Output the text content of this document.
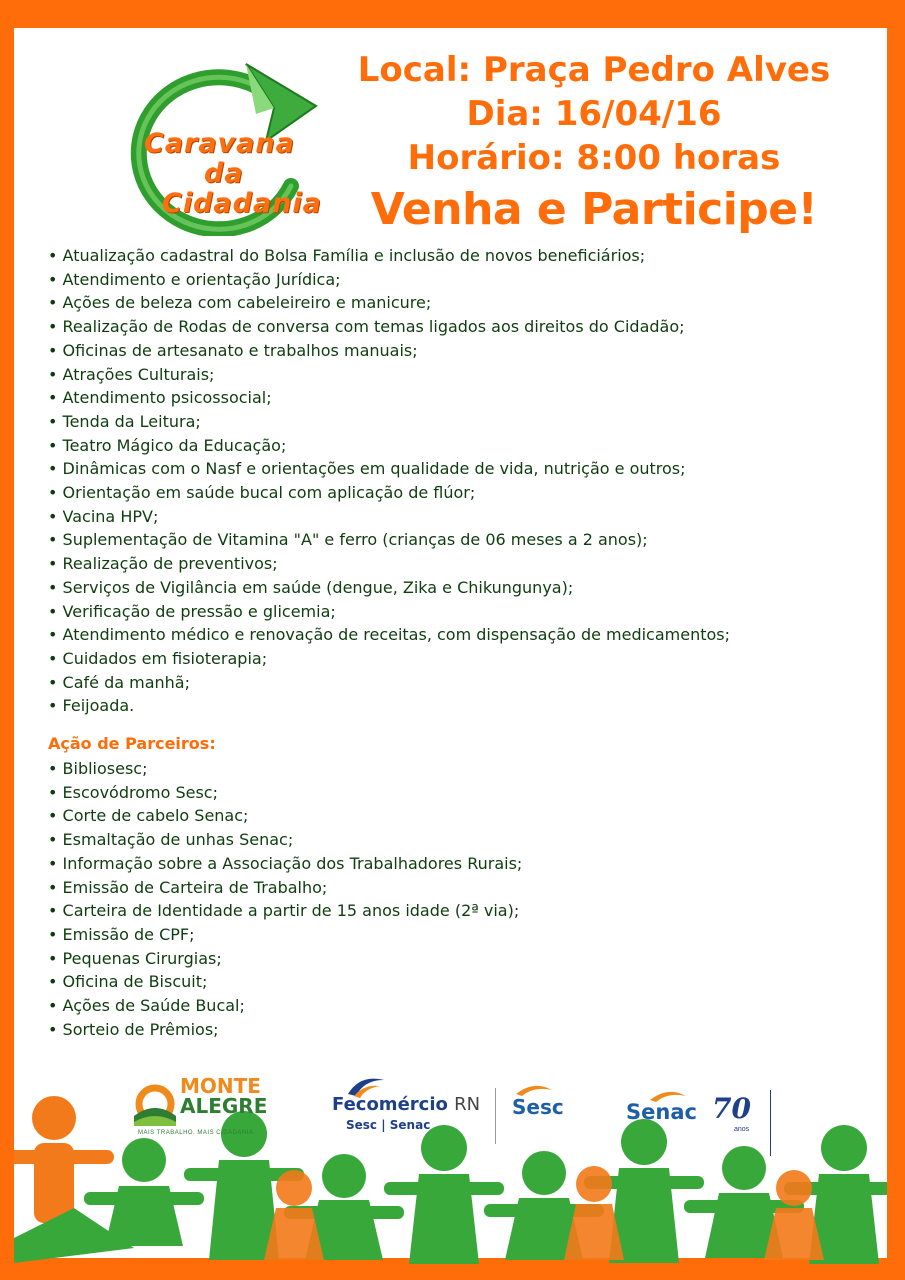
Caravana
da
Cidadania
Local: Praça Pedro Alves
Dia: 16/04/16
Horário: 8:00 horas
Venha e Participe!
• Atualização cadastral do Bolsa Família e inclusão de novos beneficiários;
• Atendimento e orientação Jurídica;
• Ações de beleza com cabeleireiro e manicure;
• Realização de Rodas de conversa com temas ligados aos direitos do Cidadão;
• Oficinas de artesanato e trabalhos manuais;
• Atrações Culturais;
• Atendimento psicossocial;
• Tenda da Leitura;
• Teatro Mágico da Educação;
• Dinâmicas com o Nasf e orientações em qualidade de vida, nutrição e outros;
• Orientação em saúde bucal com aplicação de flúor;
• Vacina HPV;
• Suplementação de Vitamina "A" e ferro (crianças de 06 meses a 2 anos);
• Realização de preventivos;
• Serviços de Vigilância em saúde (dengue, Zika e Chikungunya);
• Verificação de pressão e glicemia;
• Atendimento médico e renovação de receitas, com dispensação de medicamentos;
• Cuidados em fisioterapia;
• Café da manhã;
• Feijoada.
Ação de Parceiros:
• Bibliosesc;
• Escovódromo Sesc;
• Corte de cabelo Senac;
• Esmaltação de unhas Senac;
• Informação sobre a Associação dos Trabalhadores Rurais;
• Emissão de Carteira de Trabalho;
• Carteira de Identidade a partir de 15 anos idade (2ª via);
• Emissão de CPF;
• Pequenas Cirurgias;
• Oficina de Biscuit;
• Ações de Saúde Bucal;
• Sorteio de Prêmios;
MONTE
ALEGRE
MAIS TRABALHO. MAIS CIDADANIA.
Fecomércio RN
Sesc | Senac
Sesc	Senac 70
anos
